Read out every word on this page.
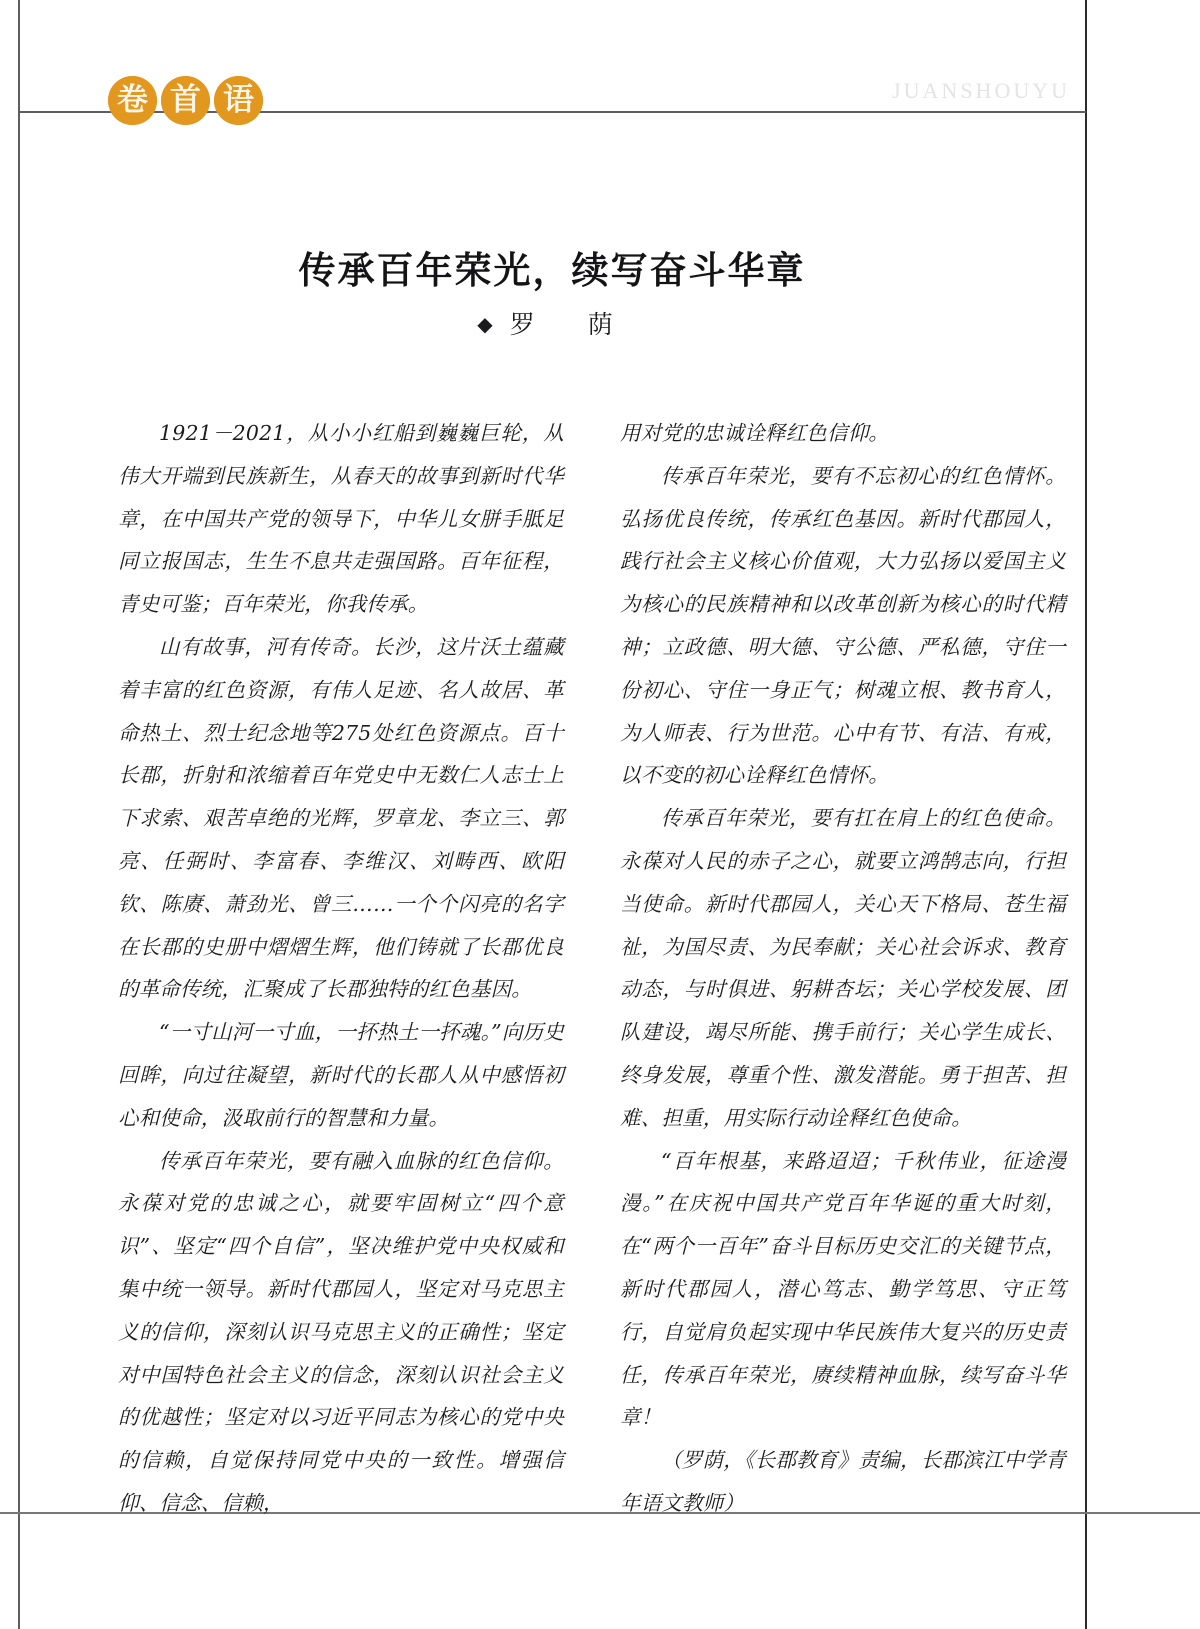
卷 首 语	JUANSHOUYU
传承百年荣光，续写奋斗华章
◆ 罗　荫

1921－2021，从小小红船到巍巍巨轮，从伟大开端到民族新生，从春天的故事到新时代华章，在中国共产党的领导下，中华儿女胼手胝足同立报国志，生生不息共走强国路。百年征程，青史可鉴；百年荣光，你我传承。

山有故事，河有传奇。长沙，这片沃土蕴藏着丰富的红色资源，有伟人足迹、名人故居、革命热土、烈士纪念地等275处红色资源点。百十长郡，折射和浓缩着百年党史中无数仁人志士上下求索、艰苦卓绝的光辉，罗章龙、李立三、郭亮、任弼时、李富春、李维汉、刘畴西、欧阳钦、陈赓、萧劲光、曾三……一个个闪亮的名字在长郡的史册中熠熠生辉，他们铸就了长郡优良的革命传统，汇聚成了长郡独特的红色基因。

“一寸山河一寸血，一抔热土一抔魂。”向历史回眸，向过往凝望，新时代的长郡人从中感悟初心和使命，汲取前行的智慧和力量。

传承百年荣光，要有融入血脉的红色信仰。永葆对党的忠诚之心，就要牢固树立“四个意识”、坚定“四个自信”，坚决维护党中央权威和集中统一领导。新时代郡园人，坚定对马克思主义的信仰，深刻认识马克思主义的正确性；坚定对中国特色社会主义的信念，深刻认识社会主义的优越性；坚定对以习近平同志为核心的党中央的信赖，自觉保持同党中央的一致性。增强信仰、信念、信赖，

用对党的忠诚诠释红色信仰。

传承百年荣光，要有不忘初心的红色情怀。弘扬优良传统，传承红色基因。新时代郡园人，践行社会主义核心价值观，大力弘扬以爱国主义为核心的民族精神和以改革创新为核心的时代精神；立政德、明大德、守公德、严私德，守住一份初心、守住一身正气；树魂立根、教书育人，为人师表、行为世范。心中有节、有洁、有戒，以不变的初心诠释红色情怀。

传承百年荣光，要有扛在肩上的红色使命。永葆对人民的赤子之心，就要立鸿鹄志向，行担当使命。新时代郡园人，关心天下格局、苍生福祉，为国尽责、为民奉献；关心社会诉求、教育动态，与时俱进、躬耕杏坛；关心学校发展、团队建设，竭尽所能、携手前行；关心学生成长、终身发展，尊重个性、激发潜能。勇于担苦、担难、担重，用实际行动诠释红色使命。

“百年根基，来路迢迢；千秋伟业，征途漫漫。”在庆祝中国共产党百年华诞的重大时刻，在“两个一百年”奋斗目标历史交汇的关键节点，新时代郡园人，潜心笃志、勤学笃思、守正笃行，自觉肩负起实现中华民族伟大复兴的历史责任，传承百年荣光，赓续精神血脉，续写奋斗华章！

（罗荫，《长郡教育》责编，长郡滨江中学青年语文教师）
